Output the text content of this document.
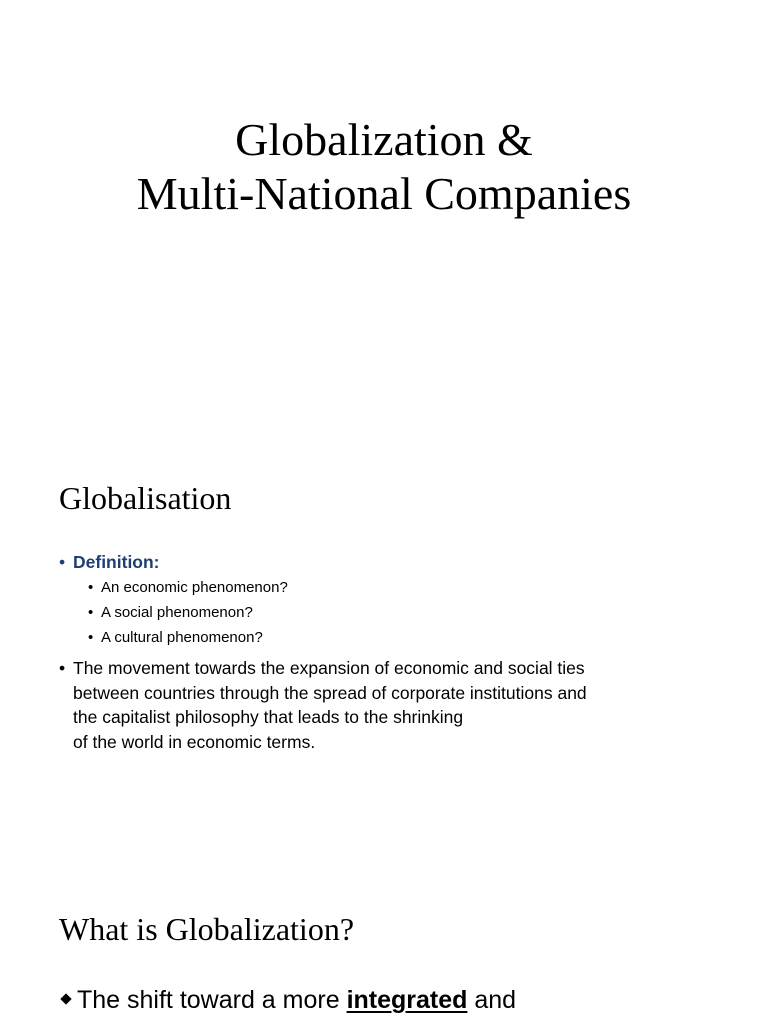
Globalization &
Multi-National Companies
Globalisation

• Definition:

• An economic phenomenon?
• A social phenomenon?
• A cultural phenomenon?

• The movement towards the expansion of economic and social ties
between countries through the spread of corporate institutions and
the capitalist philosophy that leads to the shrinking
of the world in economic terms.

What is Globalization?

The shift toward a more integrated and
